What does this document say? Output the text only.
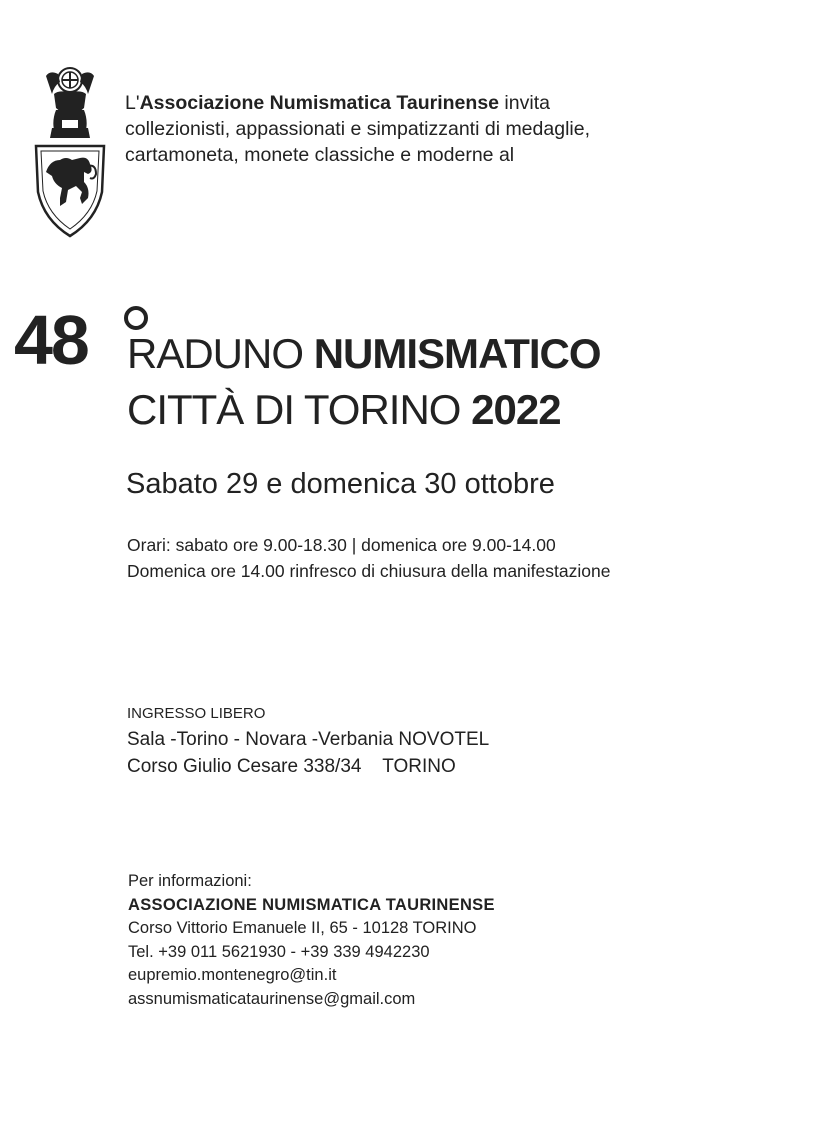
L'Associazione Numismatica Taurinense invita
collezionisti, appassionati e simpatizzanti di medaglie,
cartamoneta, monete classiche e moderne al
48 RADUNO NUMISMATICO
CITTÀ DI TORINO 2022
Sabato 29 e domenica 30 ottobre
Orari: sabato ore 9.00-18.30 | domenica ore 9.00-14.00
Domenica ore 14.00 rinfresco di chiusura della manifestazione
INGRESSO LIBERO
Sala -Torino - Novara -Verbania NOVOTEL
Corso Giulio Cesare 338/34    TORINO
Per informazioni:
ASSOCIAZIONE NUMISMATICA TAURINENSE
Corso Vittorio Emanuele II, 65 - 10128 TORINO
Tel. +39 011 5621930 - +39 339 4942230
eupremio.montenegro@tin.it
assnumismaticataurinense@gmail.com
